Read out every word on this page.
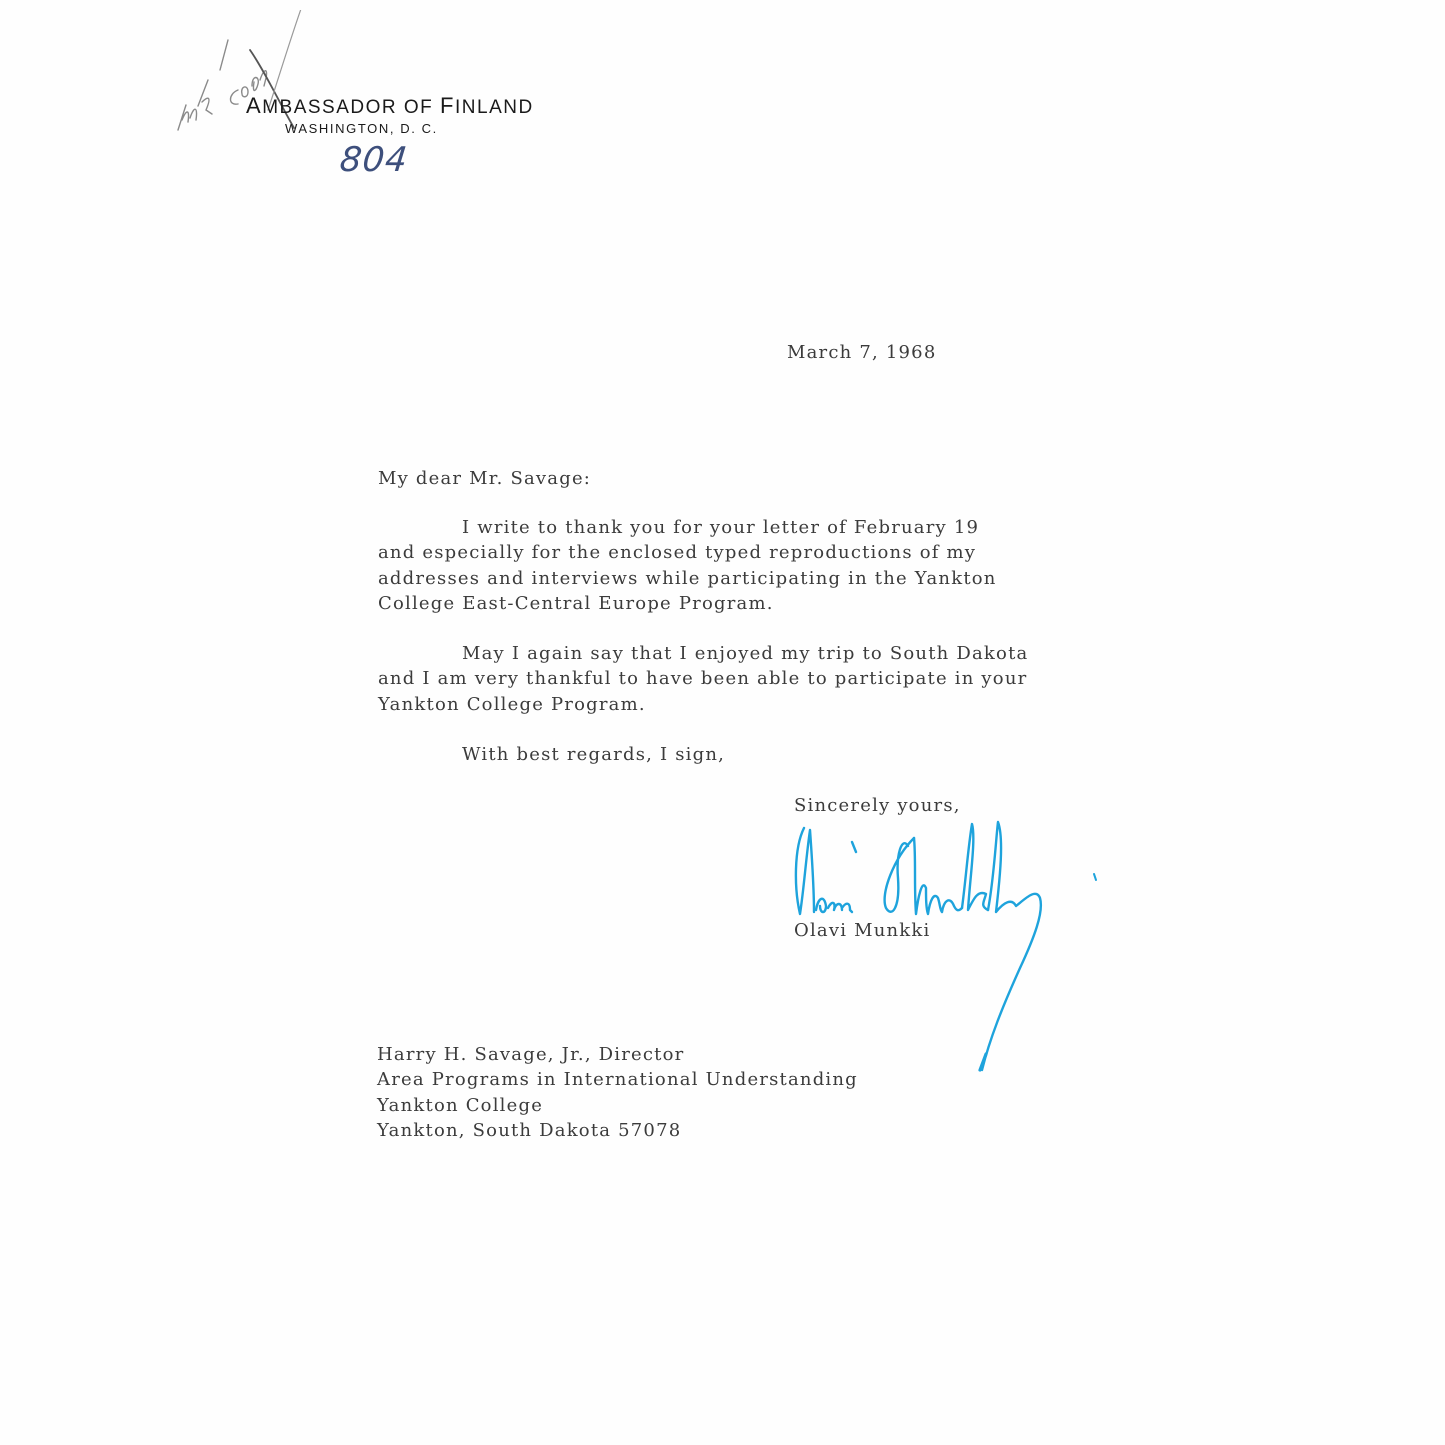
AMBASSADOR OF FINLAND
WASHINGTON, D. C.
804
March 7, 1968
My dear Mr. Savage:
I write to thank you for your letter of February 19
and especially for the enclosed typed reproductions of my
addresses and interviews while participating in the Yankton
College East-Central Europe Program.
May I again say that I enjoyed my trip to South Dakota
and I am very thankful to have been able to participate in your
Yankton College Program.
With best regards, I sign,
Sincerely yours,
Olavi Munkki
Harry H. Savage, Jr., Director
Area Programs in International Understanding
Yankton College
Yankton, South Dakota 57078
